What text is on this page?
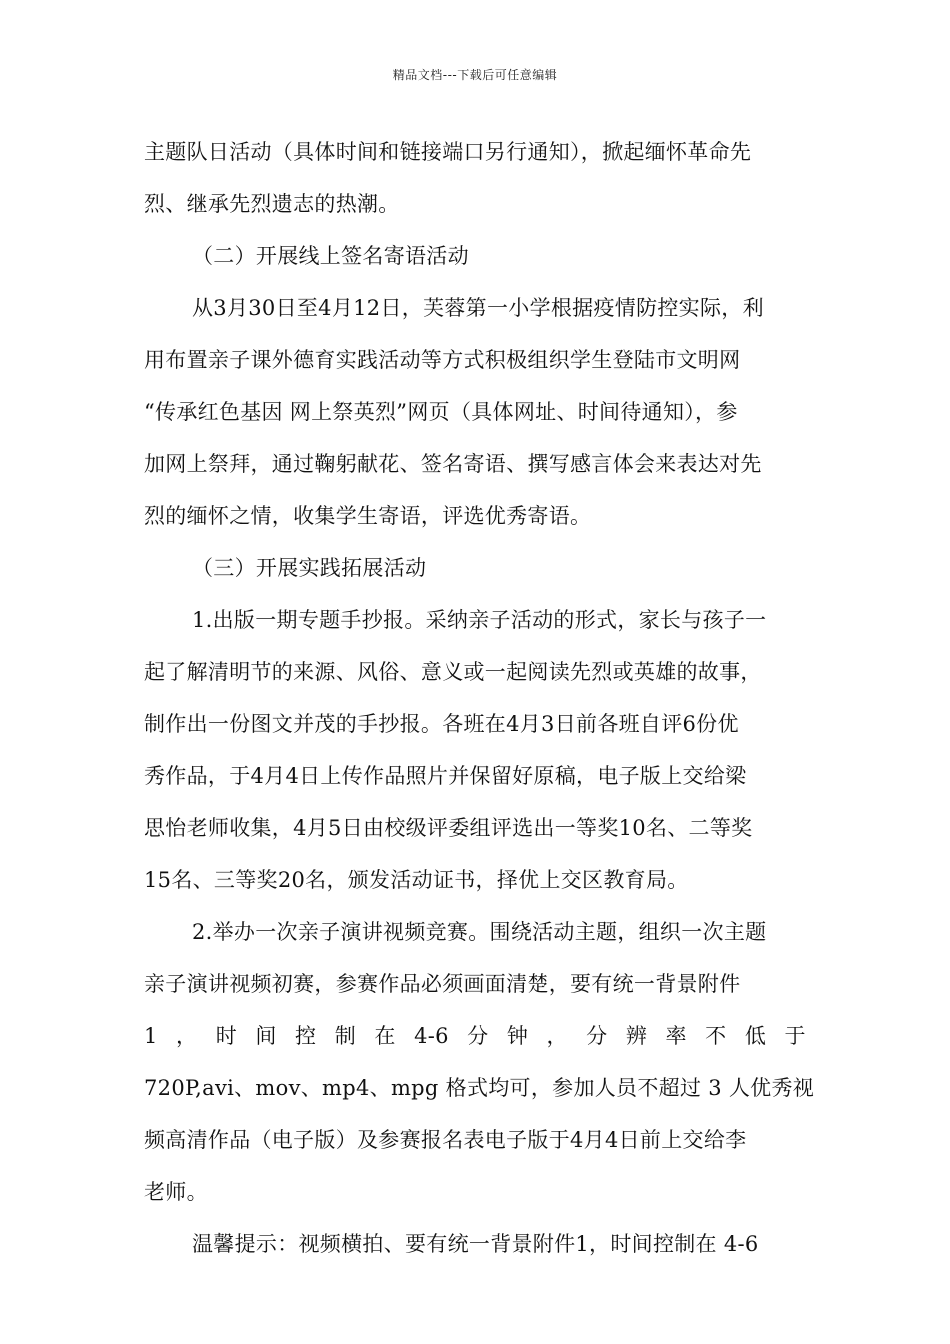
精品文档---下载后可任意编辑
主题队日活动（具体时间和链接端口另行通知），掀起缅怀革命先
烈、继承先烈遗志的热潮。
（二）开展线上签名寄语活动
从3月30日至4月12日，芙蓉第一小学根据疫情防控实际，利
用布置亲子课外德育实践活动等方式积极组织学生登陆市文明网
“传承红色基因 网上祭英烈”网页（具体网址、时间待通知），参
加网上祭拜，通过鞠躬献花、签名寄语、撰写感言体会来表达对先
烈的缅怀之情，收集学生寄语，评选优秀寄语。
（三）开展实践拓展活动
1.出版一期专题手抄报。采纳亲子活动的形式，家长与孩子一
起了解清明节的来源、风俗、意义或一起阅读先烈或英雄的故事，
制作出一份图文并茂的手抄报。各班在4月3日前各班自评6份优
秀作品，于4月4日上传作品照片并保留好原稿，电子版上交给梁
思怡老师收集，4月5日由校级评委组评选出一等奖10名、二等奖
15名、三等奖20名，颁发活动证书，择优上交区教育局。
2.举办一次亲子演讲视频竞赛。围绕活动主题，组织一次主题
亲子演讲视频初赛，参赛作品必须画面清楚，要有统一背景附件
1 ， 时 间 控 制 在 4-6 分 钟 ， 分 辨 率 不 低 于
720P,avi、mov、mp4、mpg 格式均可，参加人员不超过 3 人优秀视
频高清作品（电子版）及参赛报名表电子版于4月4日前上交给李
老师。
温馨提示：视频横拍、要有统一背景附件1，时间控制在 4-6
